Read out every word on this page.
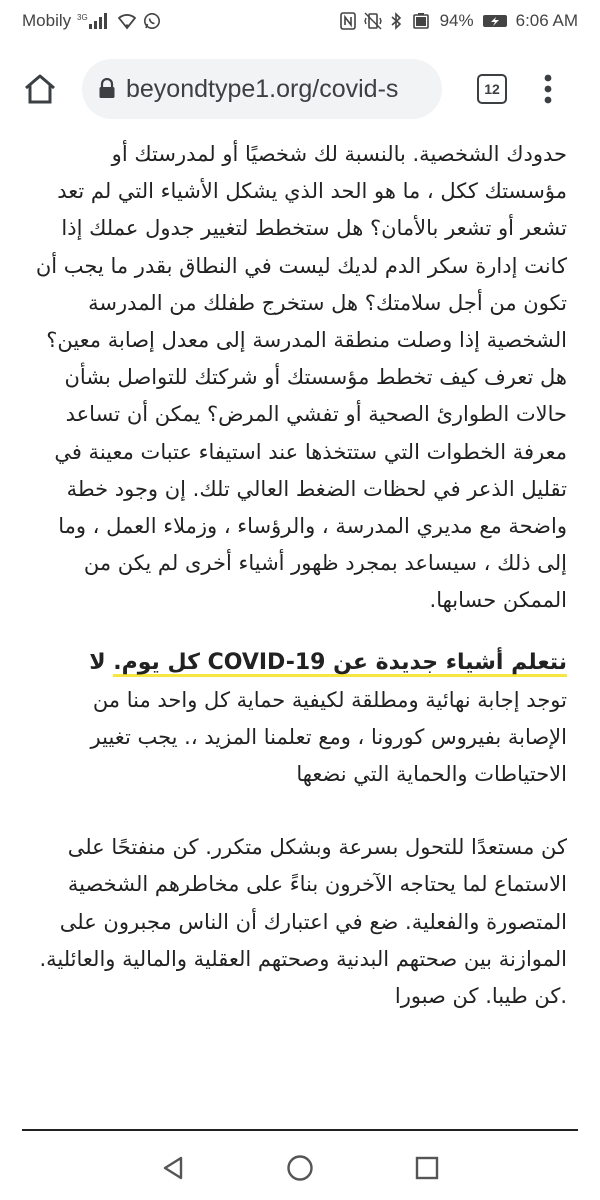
Mobily 3G	94% 6:06 AM
beyondtype1.org/covid-s	12

حدودك الشخصية. بالنسبة لك شخصيًا أو لمدرستك أو مؤسستك ككل ، ما هو الحد الذي يشكل الأشياء التي لم تعد تشعر أو تشعر بالأمان؟ هل ستخطط لتغيير جدول عملك إذا كانت إدارة سكر الدم لديك ليست في النطاق بقدر ما يجب أن تكون من أجل سلامتك؟ هل ستخرج طفلك من المدرسة الشخصية إذا وصلت منطقة المدرسة إلى معدل إصابة معين؟ هل تعرف كيف تخطط مؤسستك أو شركتك للتواصل بشأن حالات الطوارئ الصحية أو تفشي المرض؟ يمكن أن تساعد معرفة الخطوات التي ستتخذها عند استيفاء عتبات معينة في تقليل الذعر في لحظات الضغط العالي تلك. إن وجود خطة واضحة مع مديري المدرسة ، والرؤساء ، وزملاء العمل ، وما إلى ذلك ، سيساعد بمجرد ظهور أشياء أخرى لم يكن من الممكن حسابها.

نتعلم أشياء جديدة عن COVID-19 كل يوم. لا

توجد إجابة نهائية ومطلقة لكيفية حماية كل واحد منا من الإصابة بفيروس كورونا ، ومع تعلمنا المزيد ،. يجب تغيير الاحتياطات والحماية التي نضعها

كن مستعدًا للتحول بسرعة وبشكل متكرر. كن منفتحًا على الاستماع لما يحتاجه الآخرون بناءً على مخاطرهم الشخصية المتصورة والفعلية. ضع في اعتبارك أن الناس مجبرون على الموازنة بين صحتهم البدنية وصحتهم العقلية والمالية والعائلية. .كن طيبا. كن صبورا
